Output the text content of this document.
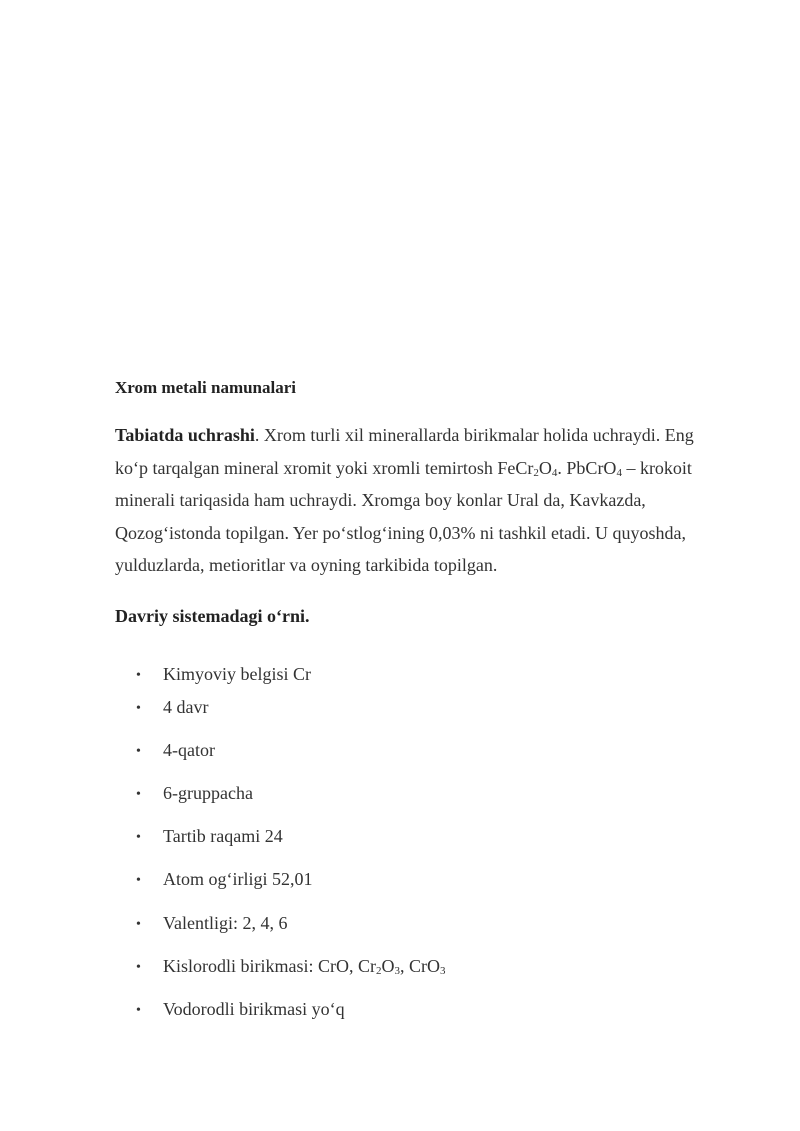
Xrom metali namunalari
Tabiatda uchrashi. Xrom turli xil minerallarda birikmalar holida uchraydi. Eng
ko‘p tarqalgan mineral xromit yoki xromli temirtosh $FeCr_2O_4$. PbCrO$_4$ – krokoit
minerali tariqasida ham uchraydi. Xromga boy konlar Ural da, Kavkazda,
Qozog‘istonda topilgan. Yer po‘stlog‘ining 0,03% ni tashkil etadi. U quyoshda,
yulduzlarda, metioritlar va oyning tarkibida topilgan.
Davriy sistemadagi o‘rni.
• Kimyoviy belgisi Cr
• 4 davr
• 4-qator
• 6-gruppacha
• Tartib raqami 24
• Atom og‘irligi 52,01
• Valentligi: 2, 4, 6
• Kislorodli birikmasi: CrO, $Cr_2O_3$, CrO$_3$
• Vodorodli birikmasi yo‘q
